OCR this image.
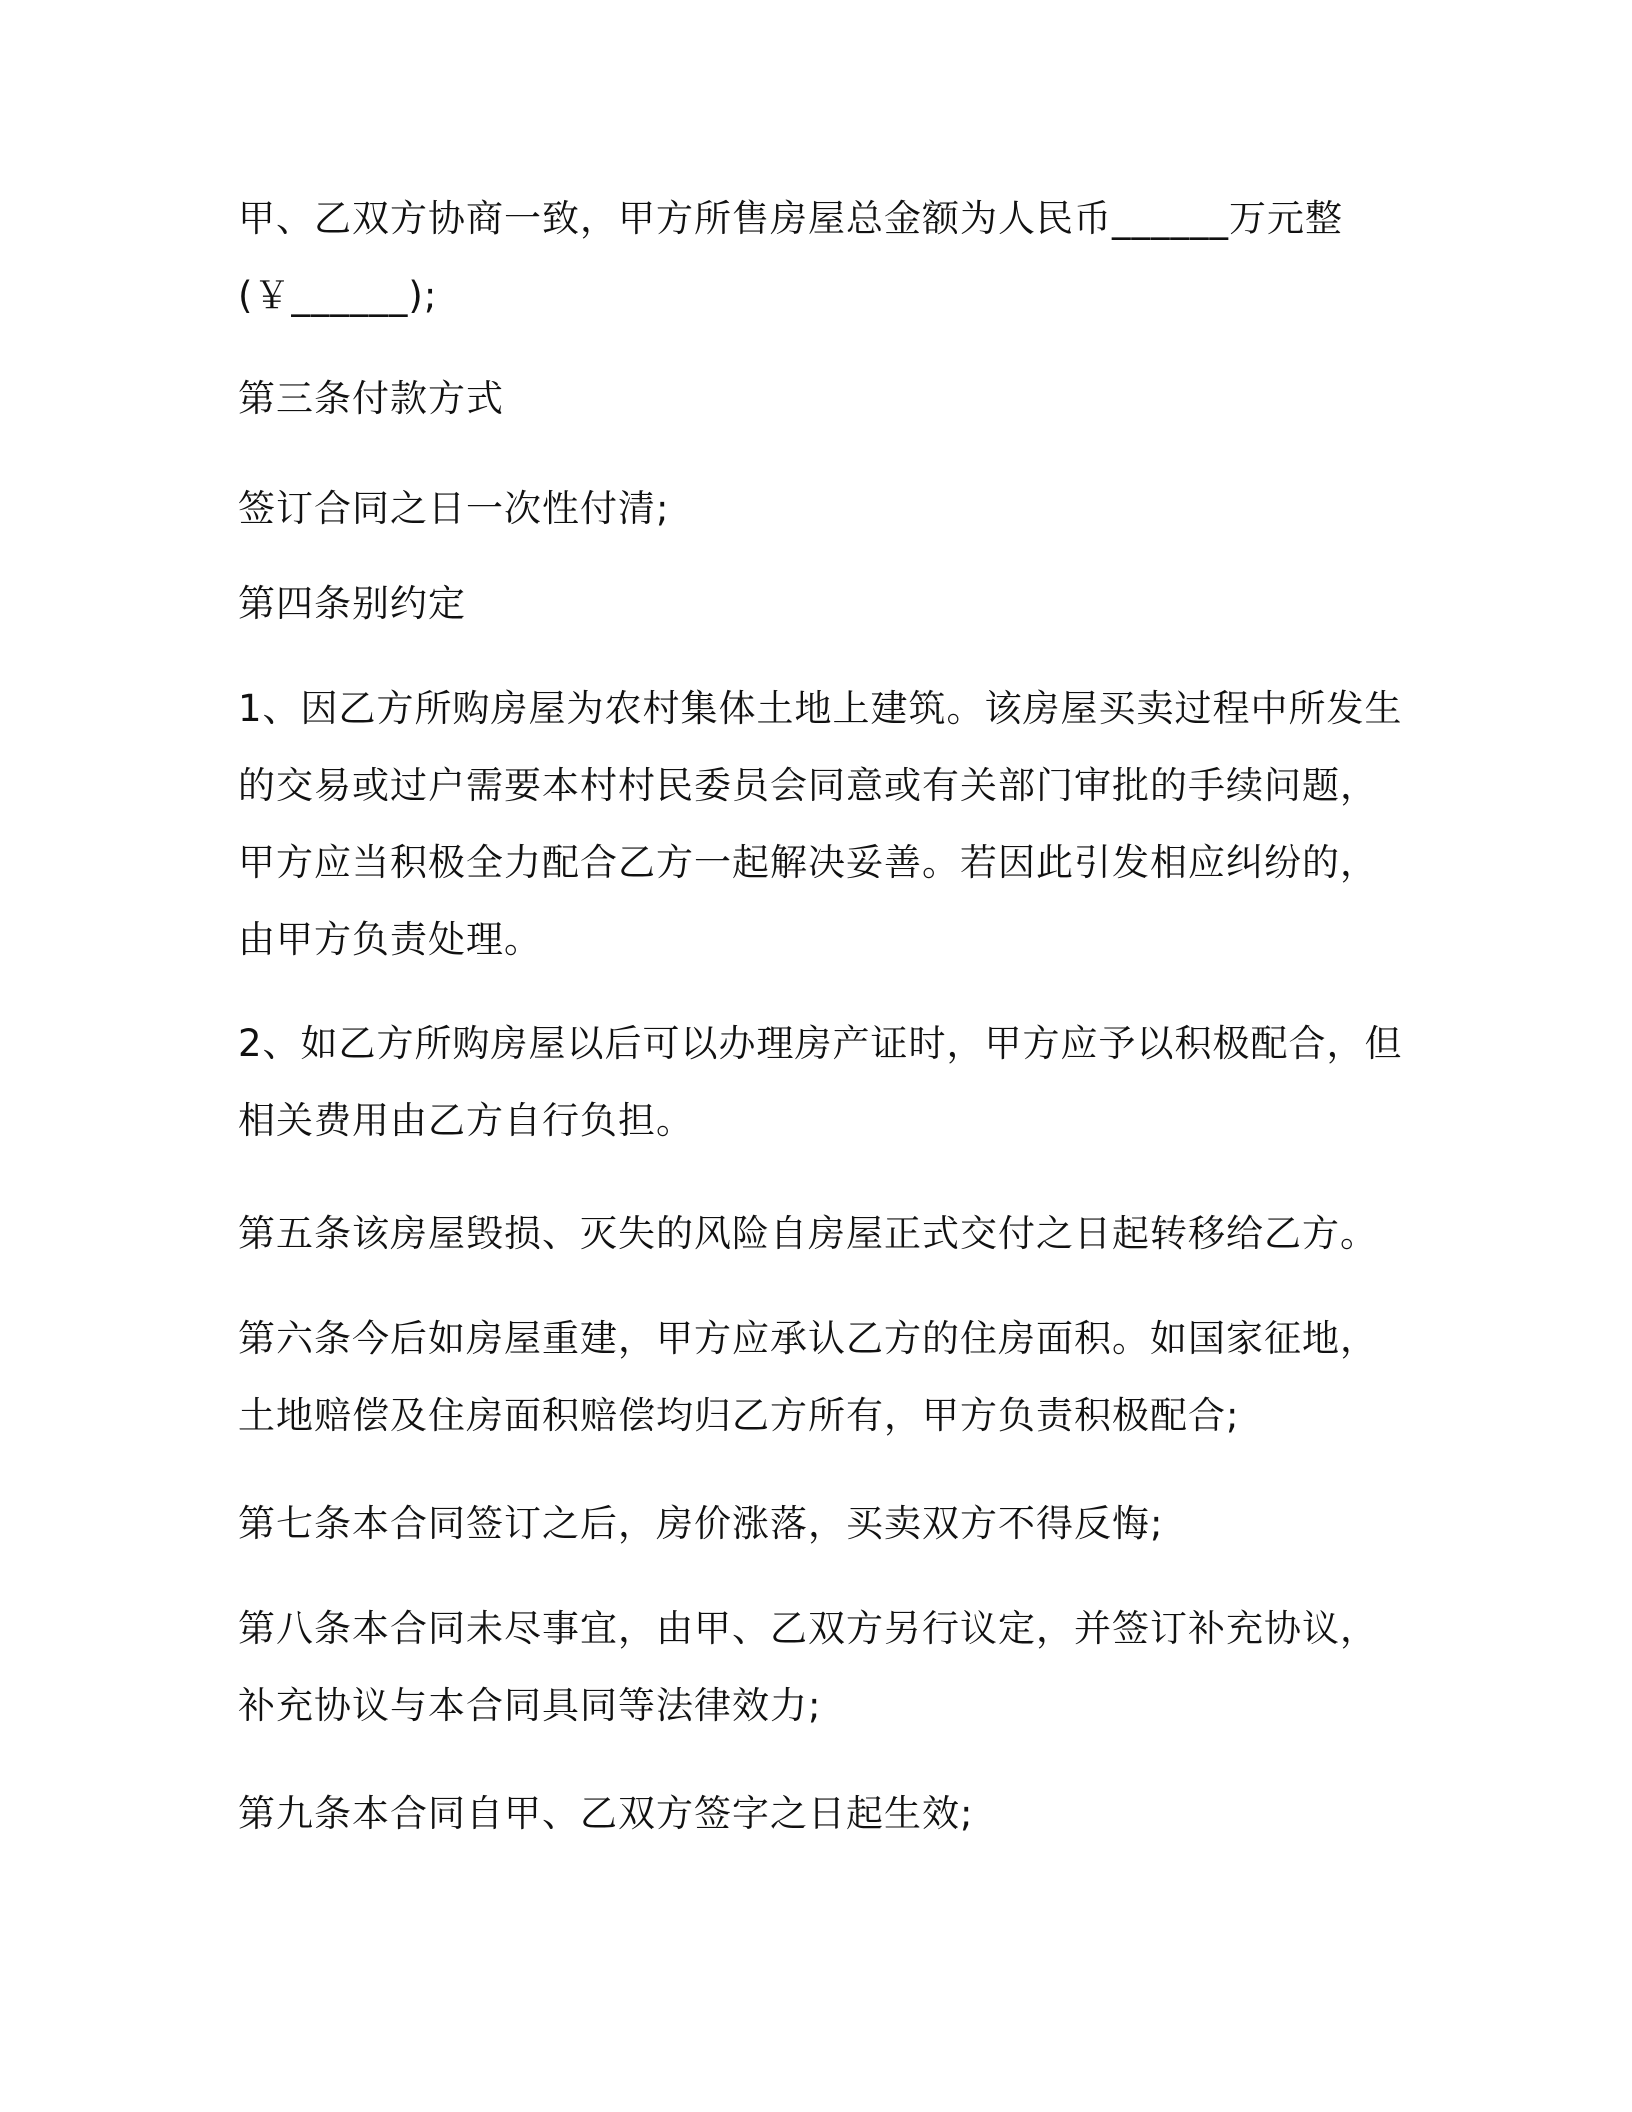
甲、乙双方协商一致，甲方所售房屋总金额为人民币______万元整
(￥______);

第三条付款方式

签订合同之日一次性付清;

第四条别约定

1、因乙方所购房屋为农村集体土地上建筑。该房屋买卖过程中所发生
的交易或过户需要本村村民委员会同意或有关部门审批的手续问题，
甲方应当积极全力配合乙方一起解决妥善。若因此引发相应纠纷的，
由甲方负责处理。

2、如乙方所购房屋以后可以办理房产证时，甲方应予以积极配合，但
相关费用由乙方自行负担。

第五条该房屋毁损、灭失的风险自房屋正式交付之日起转移给乙方。

第六条今后如房屋重建，甲方应承认乙方的住房面积。如国家征地，
土地赔偿及住房面积赔偿均归乙方所有，甲方负责积极配合;

第七条本合同签订之后，房价涨落，买卖双方不得反悔;

第八条本合同未尽事宜，由甲、乙双方另行议定，并签订补充协议，
补充协议与本合同具同等法律效力;

第九条本合同自甲、乙双方签字之日起生效;
